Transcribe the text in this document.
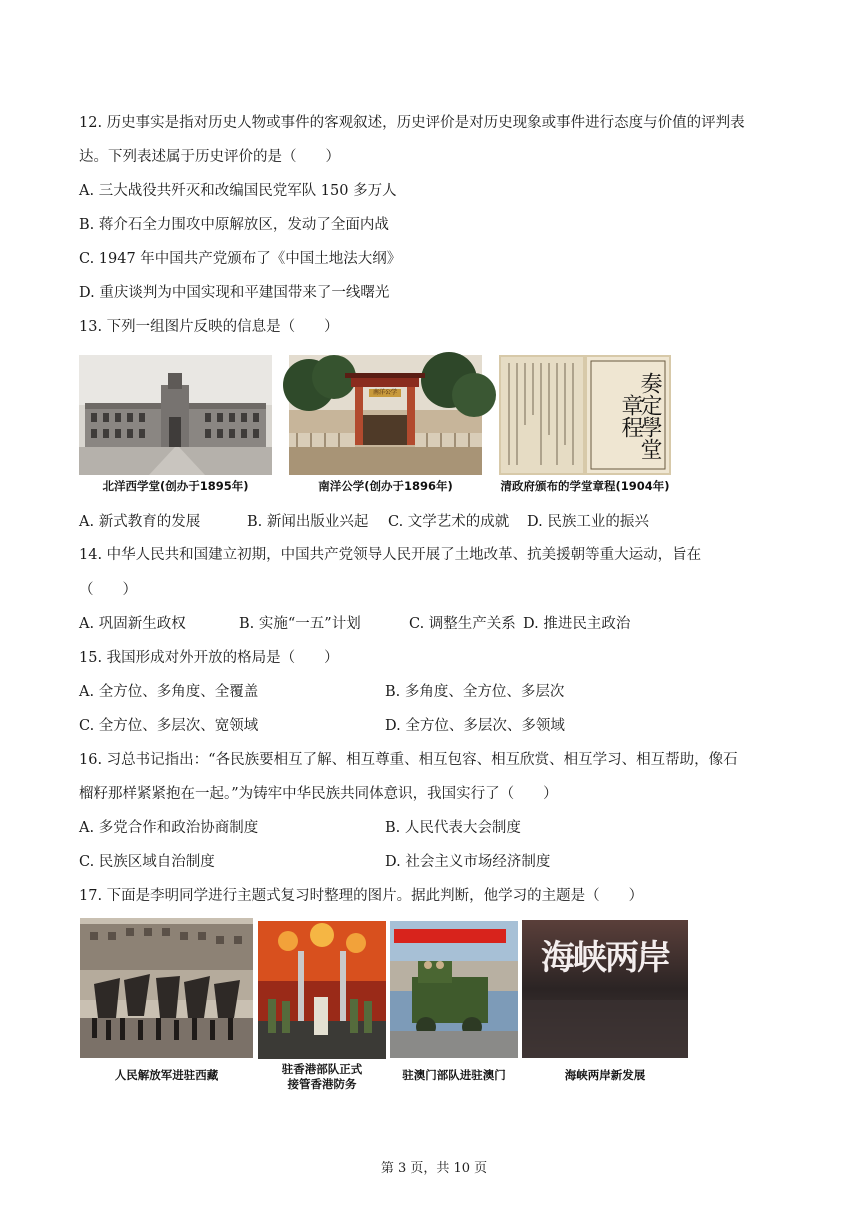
12. 历史事实是指对历史人物或事件的客观叙述，历史评价是对历史现象或事件进行态度与价值的评判表
达。下列表述属于历史评价的是（　　）
A. 三大战役共歼灭和改编国民党军队 150 多万人
B. 蒋介石全力围攻中原解放区，发动了全面内战
C. 1947 年中国共产党颁布了《中国土地法大纲》
D. 重庆谈判为中国实现和平建国带来了一线曙光
13. 下列一组图片反映的信息是（　　）
南洋公学	奏定學堂章程
北洋西学堂(创办于1895年)	南洋公学(创办于1896年)	清政府颁布的学堂章程(1904年)
A. 新式教育的发展	B. 新闻出版业兴起 C. 文学艺术的成就 D. 民族工业的振兴
14. 中华人民共和国建立初期，中国共产党领导人民开展了土地改革、抗美援朝等重大运动，旨在
（　　）
A. 巩固新生政权	B. 实施“一五”计划	C. 调整生产关系 D. 推进民主政治
15. 我国形成对外开放的格局是（　　）
A. 全方位、多角度、全覆盖	B. 多角度、全方位、多层次
C. 全方位、多层次、宽领域	D. 全方位、多层次、多领域
16. 习总书记指出：“各民族要相互了解、相互尊重、相互包容、相互欣赏、相互学习、相互帮助，像石
榴籽那样紧紧抱在一起。”为铸牢中华民族共同体意识，我国实行了（　　）
A. 多党合作和政治协商制度	B. 人民代表大会制度
C. 民族区域自治制度	D. 社会主义市场经济制度
17. 下面是李明同学进行主题式复习时整理的图片。据此判断，他学习的主题是（　　）
海峡两岸
人民解放军进驻西藏	驻香港部队正式
接管香港防务
驻澳门部队进驻澳门	海峡两岸新发展
第 3 页，共 10 页
